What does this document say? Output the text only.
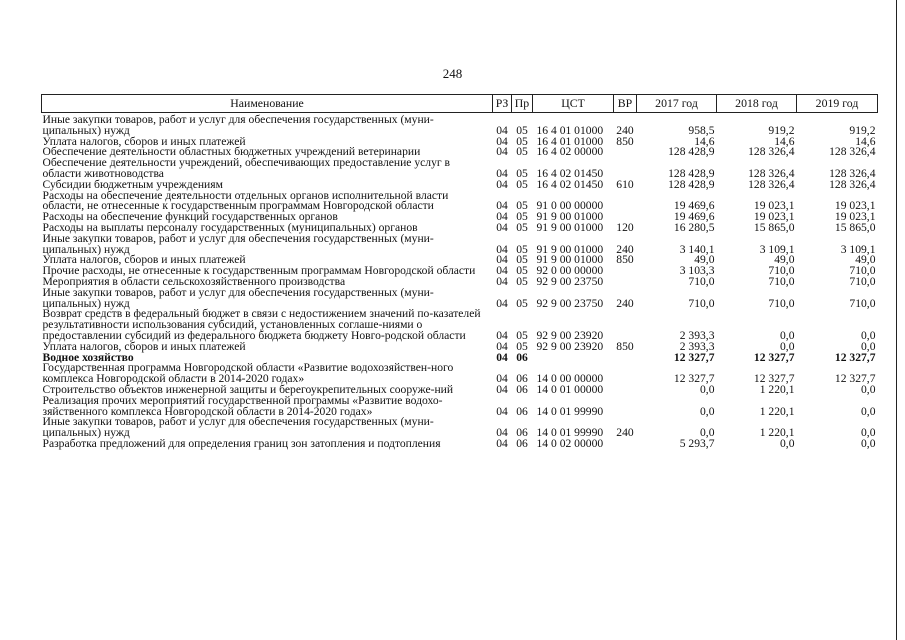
248
Наименование	РЗ	Пр	ЦСТ	ВР	2017 год	2018 год	2019 год
Иные закупки товаров, работ и услуг для обеспечения государственных (муни-ципальных) нужд	04	05	16 4 01 01000	240	958,5	919,2	919,2
Уплата налогов, сборов и иных платежей	04	05	16 4 01 01000	850	14,6	14,6	14,6
Обеспечение деятельности областных бюджетных учреждений ветеринарии	04	05	16 4 02 00000		128 428,9	128 326,4	128 326,4
Обеспечение деятельности учреждений, обеспечивающих предоставление услуг в области животноводства	04	05	16 4 02 01450		128 428,9	128 326,4	128 326,4
Субсидии бюджетным учреждениям	04	05	16 4 02 01450	610	128 428,9	128 326,4	128 326,4
Расходы на обеспечение деятельности отдельных органов исполнительной власти области, не отнесенные к государственным программам Новгородской области	04	05	91 0 00 00000		19 469,6	19 023,1	19 023,1
Расходы на обеспечение функций государственных органов	04	05	91 9 00 01000		19 469,6	19 023,1	19 023,1
Расходы на выплаты персоналу государственных (муниципальных) органов	04	05	91 9 00 01000	120	16 280,5	15 865,0	15 865,0
Иные закупки товаров, работ и услуг для обеспечения государственных (муни-ципальных) нужд	04	05	91 9 00 01000	240	3 140,1	3 109,1	3 109,1
Уплата налогов, сборов и иных платежей	04	05	91 9 00 01000	850	49,0	49,0	49,0
Прочие расходы, не отнесенные к государственным программам Новгородской области	04	05	92 0 00 00000		3 103,3	710,0	710,0
Мероприятия в области сельскохозяйственного производства	04	05	92 9 00 23750		710,0	710,0	710,0
Иные закупки товаров, работ и услуг для обеспечения государственных (муни-ципальных) нужд	04	05	92 9 00 23750	240	710,0	710,0	710,0
Возврат средств в федеральный бюджет в связи с недостижением значений по-казателей результативности использования субсидий, установленных соглаше-ниями о предоставлении субсидий из федерального бюджета бюджету Новго-родской области	04	05	92 9 00 23920		2 393,3	0,0	0,0
Уплата налогов, сборов и иных платежей	04	05	92 9 00 23920	850	2 393,3	0,0	0,0
Водное хозяйство	04	06			12 327,7	12 327,7	12 327,7
Государственная программа Новгородской области «Развитие водохозяйствен-ного комплекса Новгородской области в 2014-2020 годах»	04	06	14 0 00 00000		12 327,7	12 327,7	12 327,7
Строительство объектов инженерной защиты и берегоукрепительных сооруже-ний	04	06	14 0 01 00000		0,0	1 220,1	0,0
Реализация прочих мероприятий государственной программы «Развитие водохо-зяйственного комплекса Новгородской области в 2014-2020 годах»	04	06	14 0 01 99990		0,0	1 220,1	0,0
Иные закупки товаров, работ и услуг для обеспечения государственных (муни-ципальных) нужд	04	06	14 0 01 99990	240	0,0	1 220,1	0,0
Разработка предложений для определения границ зон затопления и подтопления	04	06	14 0 02 00000		5 293,7	0,0	0,0
